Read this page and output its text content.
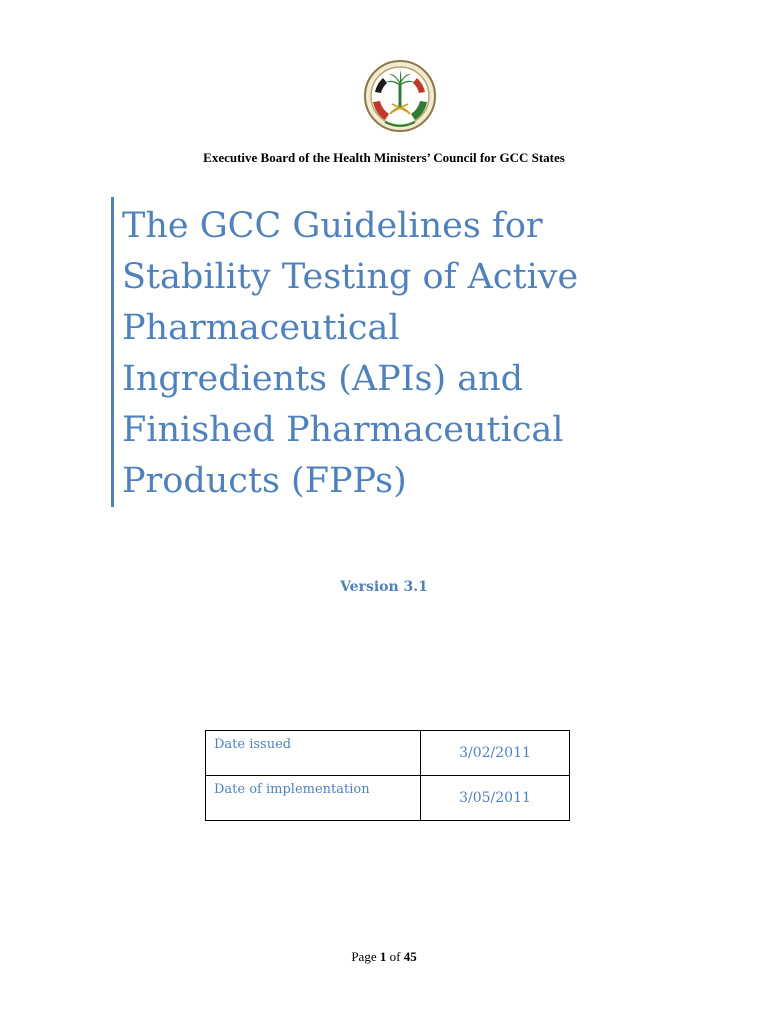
Executive Board of the Health Ministers’ Council for GCC States

The GCC Guidelines for
Stability Testing of Active
Pharmaceutical
Ingredients (APIs) and
Finished Pharmaceutical
Products (FPPs)
Version 3.1
Date issued	3/02/2011
Date of implementation	3/05/2011
Page 1 of 45
